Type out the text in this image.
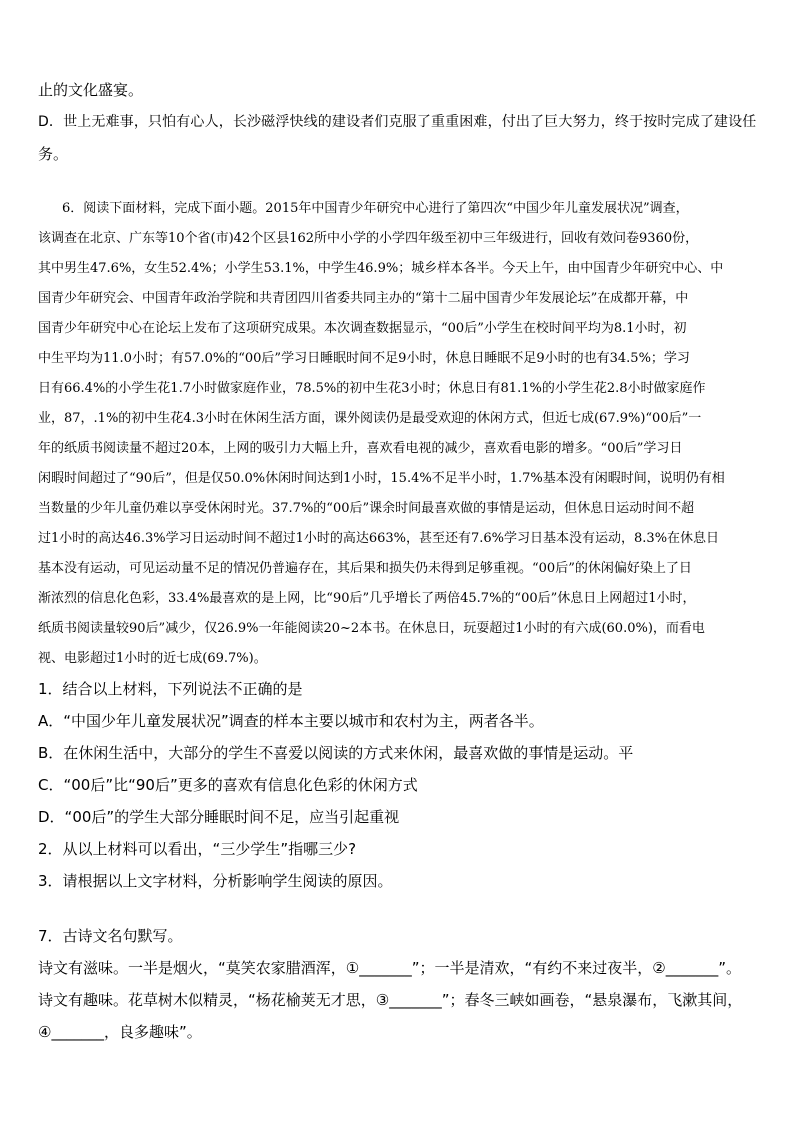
止的文化盛宴。
D．世上无难事，只怕有心人，长沙磁浮快线的建设者们克服了重重困难，付出了巨大努力，终于按时完成了建设任
务。
6．阅读下面材料，完成下面小题。2015年中国青少年研究中心进行了第四次“中国少年儿童发展状况”调查，
该调查在北京、广东等10个省(市)42个区县162所中小学的小学四年级至初中三年级进行，回收有效问卷9360份，
其中男生47.6%，女生52.4%；小学生53.1%，中学生46.9%；城乡样本各半。今天上午，由中国青少年研究中心、中
国青少年研究会、中国青年政治学院和共青团四川省委共同主办的“第十二届中国青少年发展论坛”在成都开幕，中
国青少年研究中心在论坛上发布了这项研究成果。本次调查数据显示，“00后”小学生在校时间平均为8.1小时，初
中生平均为11.0小时；有57.0%的“00后”学习日睡眠时间不足9小时，休息日睡眠不足9小时的也有34.5%；学习
日有66.4%的小学生花1.7小时做家庭作业，78.5%的初中生花3小时；休息日有81.1%的小学生花2.8小时做家庭作
业，87，.1%的初中生花4.3小时在休闲生活方面，课外阅读仍是最受欢迎的休闲方式，但近七成(67.9%)“00后”一
年的纸质书阅读量不超过20本，上网的吸引力大幅上升，喜欢看电视的减少，喜欢看电影的增多。“00后”学习日
闲暇时间超过了“90后”，但是仅50.0%休闲时间达到1小时，15.4%不足半小时，1.7%基本没有闲暇时间，说明仍有相
当数量的少年儿童仍难以享受休闲时光。37.7%的“00后”课余时间最喜欢做的事情是运动，但休息日运动时间不超
过1小时的高达46.3%学习日运动时间不超过1小时的高达663%，甚至还有7.6%学习日基本没有运动，8.3%在休息日
基本没有运动，可见运动量不足的情况仍普遍存在，其后果和损失仍未得到足够重视。“00后”的休闲偏好染上了日
渐浓烈的信息化色彩，33.4%最喜欢的是上网，比“90后”几乎增长了两倍45.7%的“00后”休息日上网超过1小时，
纸质书阅读量较90后”减少，仅26.9%一年能阅读20~2本书。在休息日，玩耍超过1小时的有六成(60.0%)，而看电
视、电影超过1小时的近七成(69.7%)。
1．结合以上材料，下列说法不正确的是
A．“中国少年儿童发展状况”调查的样本主要以城市和农村为主，两者各半。
B．在休闲生活中，大部分的学生不喜爱以阅读的方式来休闲，最喜欢做的事情是运动。平
C．“00后”比“90后”更多的喜欢有信息化色彩的休闲方式
D．“00后”的学生大部分睡眠时间不足，应当引起重视
2．从以上材料可以看出，“三少学生”指哪三少?
3．请根据以上文字材料，分析影响学生阅读的原因。
7．古诗文名句默写。
诗文有滋味。一半是烟火，“莫笑农家腊酒浑，①_______”；一半是清欢，“有约不来过夜半，②_______”。
诗文有趣味。花草树木似精灵，“杨花榆荚无才思，③_______”；春冬三峡如画卷，“悬泉瀑布，飞漱其间，
④_______，良多趣味”。
